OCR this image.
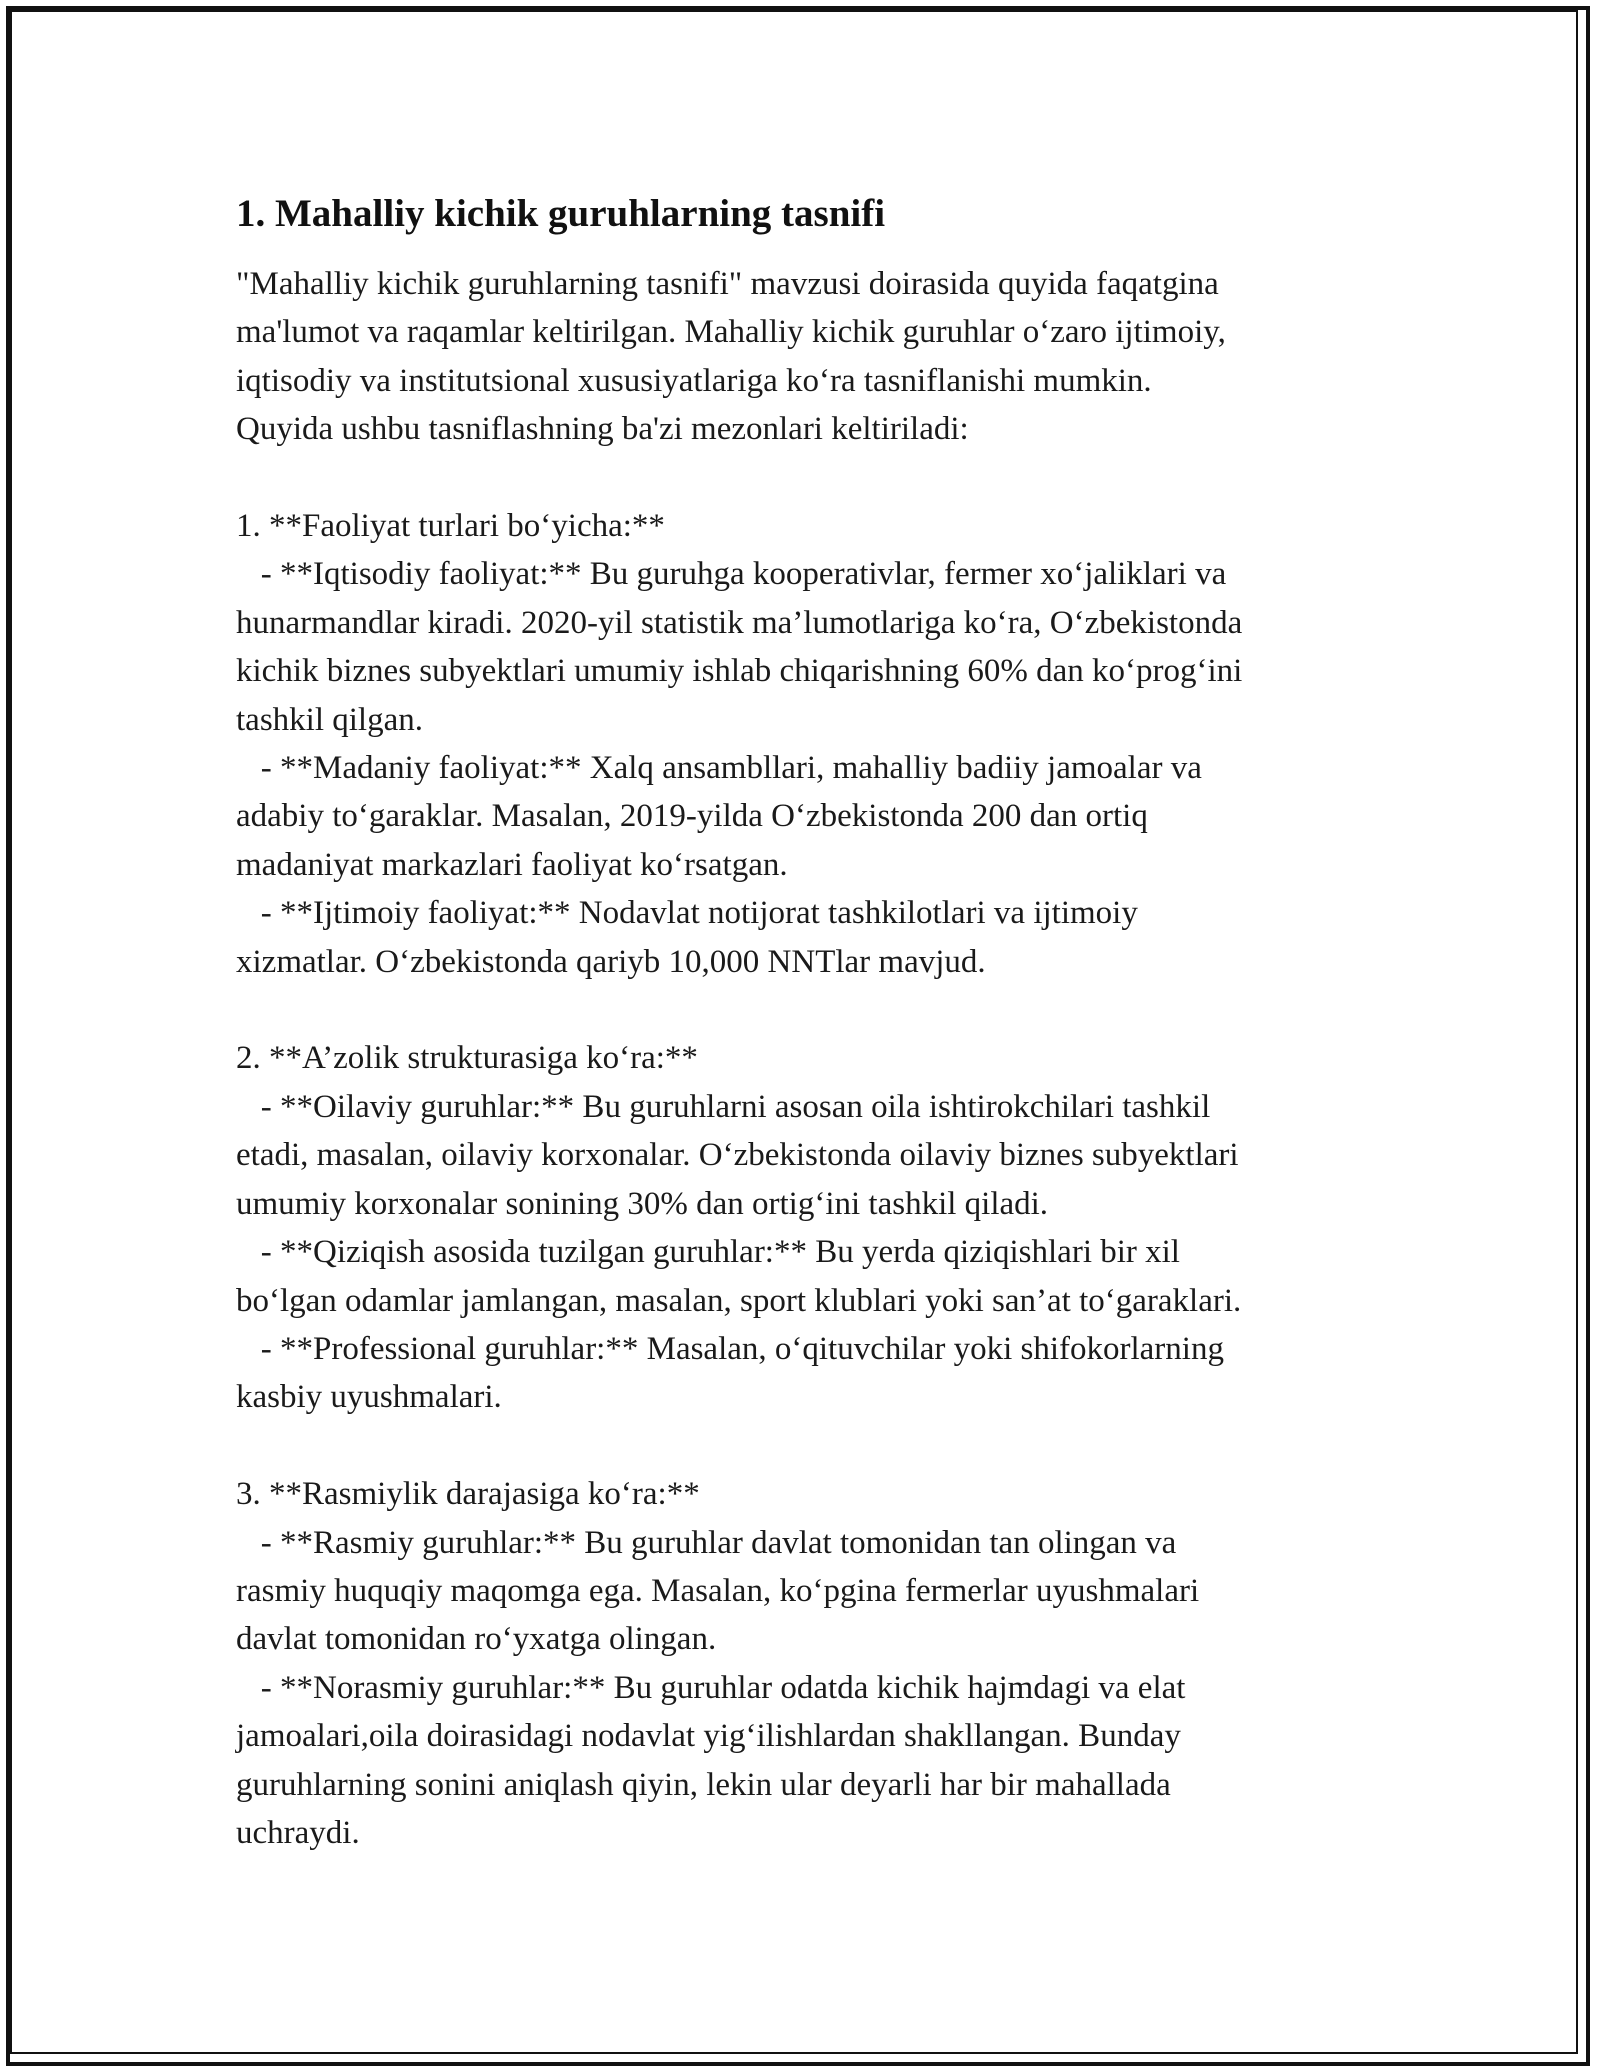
1. Mahalliy kichik guruhlarning tasnifi
"Mahalliy kichik guruhlarning tasnifi" mavzusi doirasida quyida faqatgina
ma'lumot va raqamlar keltirilgan. Mahalliy kichik guruhlar o‘zaro ijtimoiy,
iqtisodiy va institutsional xususiyatlariga ko‘ra tasniflanishi mumkin.
Quyida ushbu tasniflashning ba'zi mezonlari keltiriladi:
1. **Faoliyat turlari bo‘yicha:**
- **Iqtisodiy faoliyat:** Bu guruhga kooperativlar, fermer xo‘jaliklari va
hunarmandlar kiradi. 2020-yil statistik ma’lumotlariga ko‘ra, O‘zbekistonda
kichik biznes subyektlari umumiy ishlab chiqarishning 60% dan ko‘prog‘ini
tashkil qilgan.
- **Madaniy faoliyat:** Xalq ansambllari, mahalliy badiiy jamoalar va
adabiy to‘garaklar. Masalan, 2019-yilda O‘zbekistonda 200 dan ortiq
madaniyat markazlari faoliyat ko‘rsatgan.
- **Ijtimoiy faoliyat:** Nodavlat notijorat tashkilotlari va ijtimoiy
xizmatlar. O‘zbekistonda qariyb 10,000 NNTlar mavjud.
2. **A’zolik strukturasiga ko‘ra:**
- **Oilaviy guruhlar:** Bu guruhlarni asosan oila ishtirokchilari tashkil
etadi, masalan, oilaviy korxonalar. O‘zbekistonda oilaviy biznes subyektlari
umumiy korxonalar sonining 30% dan ortig‘ini tashkil qiladi.
- **Qiziqish asosida tuzilgan guruhlar:** Bu yerda qiziqishlari bir xil
bo‘lgan odamlar jamlangan, masalan, sport klublari yoki san’at to‘garaklari.
- **Professional guruhlar:** Masalan, o‘qituvchilar yoki shifokorlarning
kasbiy uyushmalari.
3. **Rasmiylik darajasiga ko‘ra:**
- **Rasmiy guruhlar:** Bu guruhlar davlat tomonidan tan olingan va
rasmiy huquqiy maqomga ega. Masalan, ko‘pgina fermerlar uyushmalari
davlat tomonidan ro‘yxatga olingan.
- **Norasmiy guruhlar:** Bu guruhlar odatda kichik hajmdagi va elat
jamoalari,oila doirasidagi nodavlat yig‘ilishlardan shakllangan. Bunday
guruhlarning sonini aniqlash qiyin, lekin ular deyarli har bir mahallada
uchraydi.
